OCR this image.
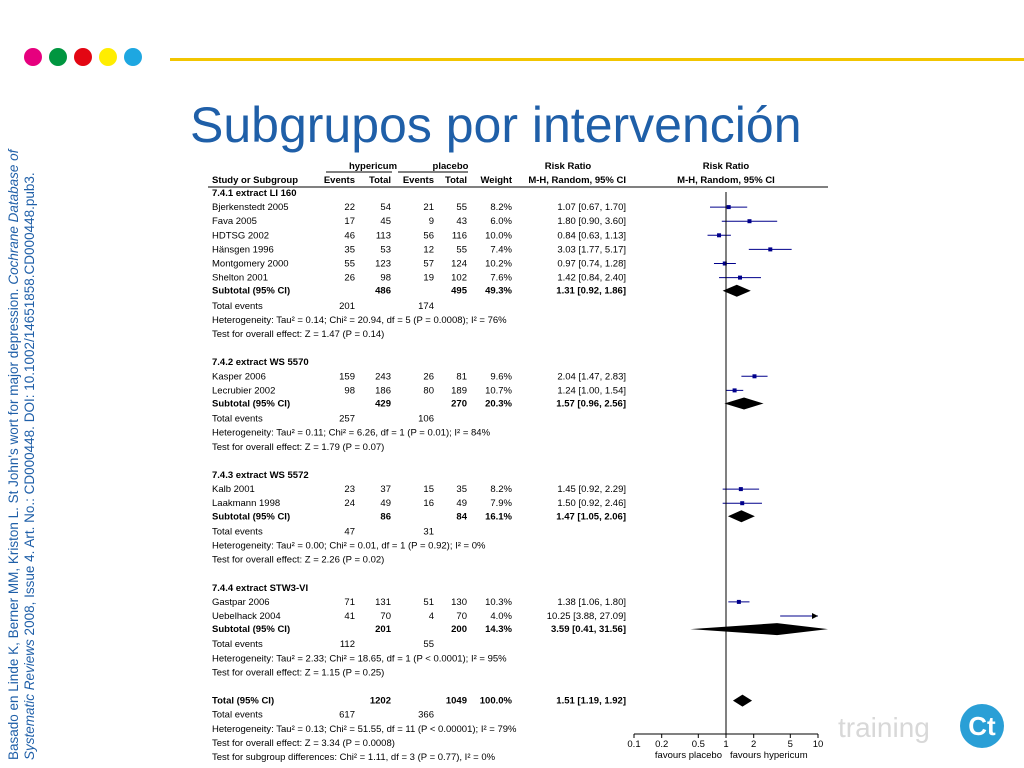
Subgrupos por intervención
Basado en Linde K, Berner MM, Kriston L. St John's wort for major depression. Cochrane Database of
Systematic Reviews 2008, Issue 4. Art. No.: CD000448. DOI: 10.1002/14651858.CD000448.pub3.
hypericum	placebo	Risk Ratio	Risk Ratio
Study or Subgroup	Events Total Events Total Weight M-H, Random, 95% CI	M-H, Random, 95% CI
7.4.1 extract LI 160
Bjerkenstedt 2005	22	54	21 55 8.2%	1.07 [0.67, 1.70]
Fava 2005	17	45	9 43 6.0%	1.80 [0.90, 3.60]
HDTSG 2002	46 113	56 116 10.0%	0.84 [0.63, 1.13]
Hänsgen 1996	35	53	12 55 7.4%	3.03 [1.77, 5.17]
Montgomery 2000	55 123	57 124 10.2%	0.97 [0.74, 1.28]
Shelton 2001	26	98	19 102 7.6%	1.42 [0.84, 2.40]
Subtotal (95% CI)	486	495 49.3%	1.31 [0.92, 1.86]
Total events	201	174
Heterogeneity: Tau² = 0.14; Chi² = 20.94, df = 5 (P = 0.0008); I² = 76%
Test for overall effect: Z = 1.47 (P = 0.14)
7.4.2 extract WS 5570
Kasper 2006	159 243	26 81 9.6%	2.04 [1.47, 2.83]
Lecrubier 2002	98 186	80 189 10.7%	1.24 [1.00, 1.54]
Subtotal (95% CI)	429	270 20.3%	1.57 [0.96, 2.56]
Total events	257	106
Heterogeneity: Tau² = 0.11; Chi² = 6.26, df = 1 (P = 0.01); I² = 84%
Test for overall effect: Z = 1.79 (P = 0.07)
7.4.3 extract WS 5572
Kalb 2001	23	37	15 35 8.2%	1.45 [0.92, 2.29]
Laakmann 1998	24	49	16 49 7.9%	1.50 [0.92, 2.46]
Subtotal (95% CI)	86	84 16.1%	1.47 [1.05, 2.06]
Total events	47	31
Heterogeneity: Tau² = 0.00; Chi² = 0.01, df = 1 (P = 0.92); I² = 0%
Test for overall effect: Z = 2.26 (P = 0.02)
7.4.4 extract STW3-VI
Gastpar 2006	71 131	51 130 10.3%	1.38 [1.06, 1.80]
Uebelhack 2004	41	70	4 70 4.0%	10.25 [3.88, 27.09]
Subtotal (95% CI)	201	200 14.3%	3.59 [0.41, 31.56]
Total events	112	55
Heterogeneity: Tau² = 2.33; Chi² = 18.65, df = 1 (P < 0.0001); I² = 95%
Test for overall effect: Z = 1.15 (P = 0.25)
Total (95% CI)	1202	1049 100.0%	1.51 [1.19, 1.92]
Total events	617	366
Heterogeneity: Tau² = 0.13; Chi² = 51.55, df = 11 (P < 0.00001); I² = 79%
Test for overall effect: Z = 3.34 (P = 0.0008)
Test for subgroup differences: Chi² = 1.11, df = 3 (P = 0.77), I² = 0%
0.1 0.2 0.5 1 2	5 10
favours placebo favours hypericum
training	Ct
